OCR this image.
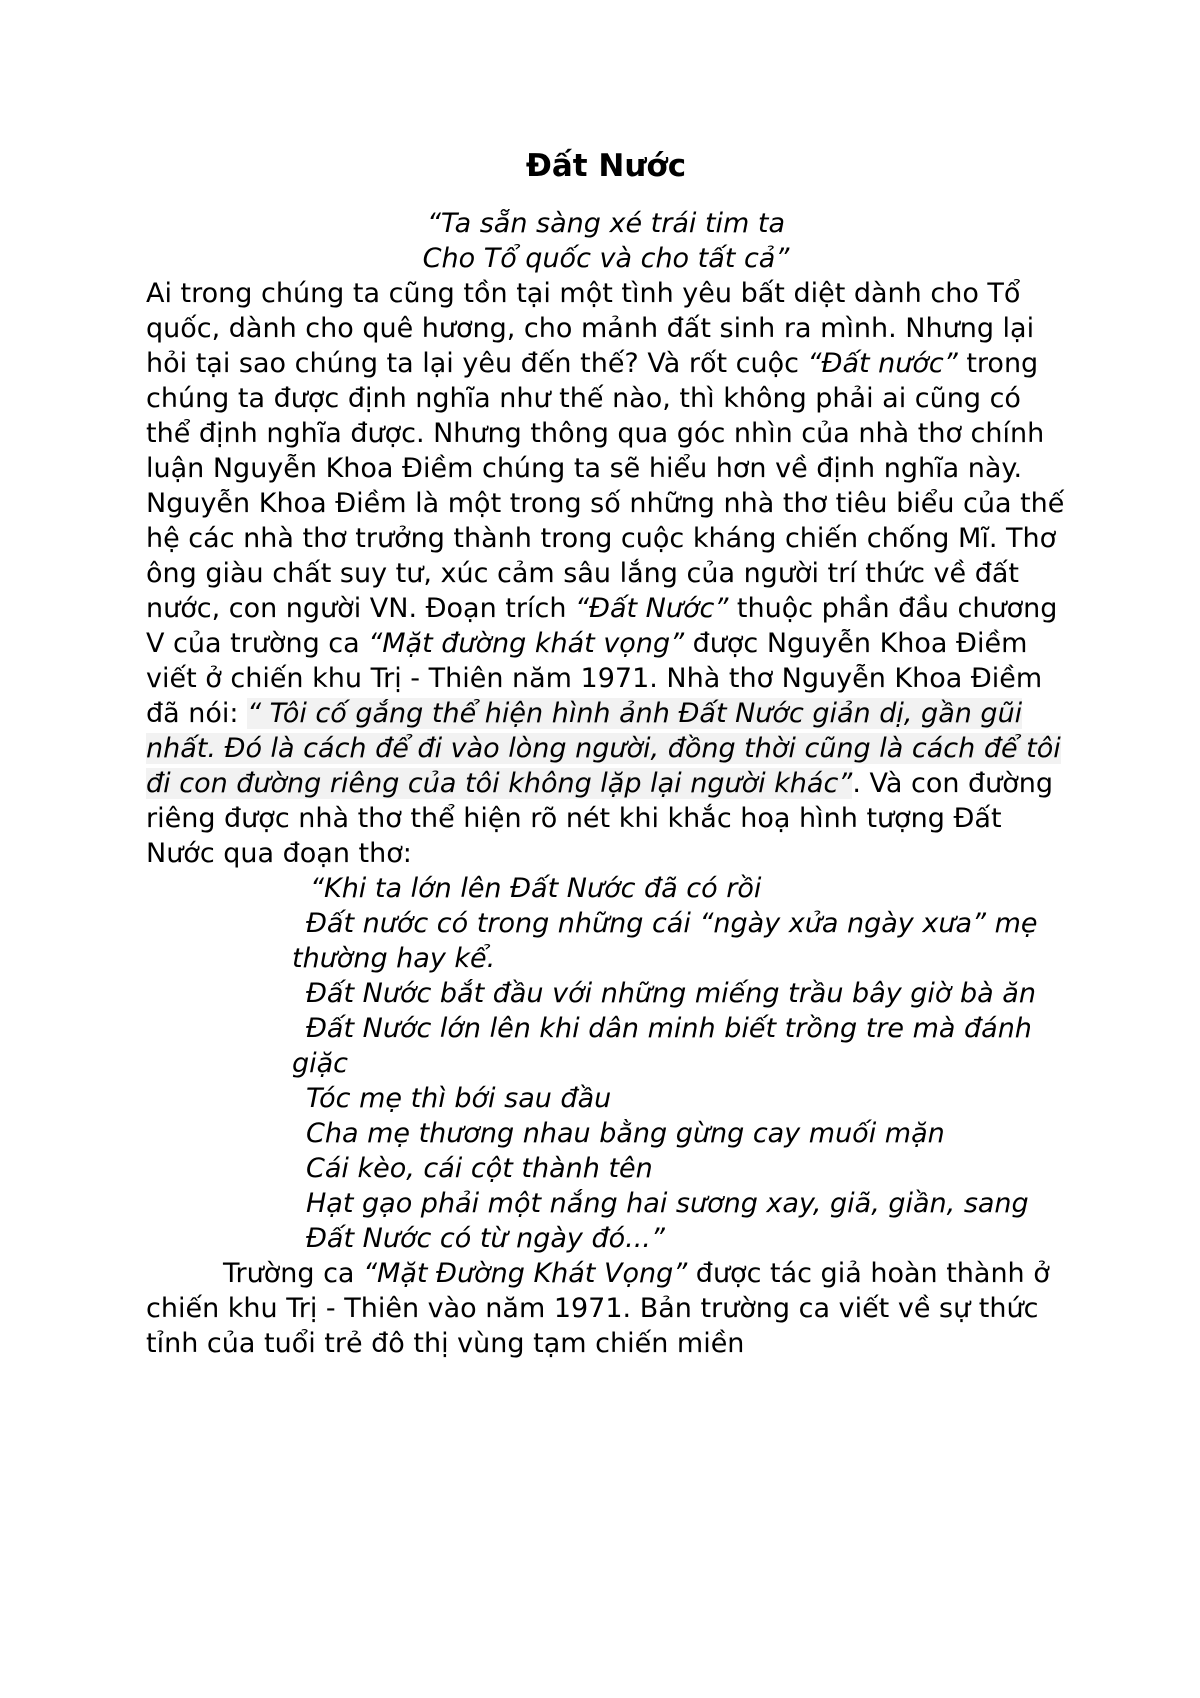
Đất Nước
“Ta sẵn sàng xé trái tim ta
Cho Tổ quốc và cho tất cả”
Ai trong chúng ta cũng tồn tại một tình yêu bất diệt dành cho Tổ quốc, dành cho quê hương, cho mảnh đất sinh ra mình. Nhưng lại hỏi tại sao chúng ta lại yêu đến thế? Và rốt cuộc “Đất nước” trong chúng ta được định nghĩa như thế nào, thì không phải ai cũng có thể định nghĩa được. Nhưng thông qua góc nhìn của nhà thơ chính luận Nguyễn Khoa Điềm chúng ta sẽ hiểu hơn về định nghĩa này. Nguyễn Khoa Điềm là một trong số những nhà thơ tiêu biểu của thế hệ các nhà thơ trưởng thành trong cuộc kháng chiến chống Mĩ. Thơ ông giàu chất suy tư, xúc cảm sâu lắng của người trí thức về đất nước, con người VN. Đoạn trích “Đất Nước” thuộc phần đầu chương V của trường ca “Mặt đường khát vọng” được Nguyễn Khoa Điềm viết ở chiến khu Trị - Thiên năm 1971. Nhà thơ Nguyễn Khoa Điềm đã nói: “ Tôi cố gắng thể hiện hình ảnh Đất Nước giản dị, gần gũi nhất. Đó là cách để đi vào lòng người, đồng thời cũng là cách để tôi đi con đường riêng của tôi không lặp lại người khác”. Và con đường riêng được nhà thơ thể hiện rõ nét khi khắc hoạ hình tượng Đất Nước qua đoạn thơ:
“Khi ta lớn lên Đất Nước đã có rồi
Đất nước có trong những cái “ngày xửa ngày xưa” mẹ thường hay kể.
Đất Nước bắt đầu với những miếng trầu bây giờ bà ăn
Đất Nước lớn lên khi dân minh biết trồng tre mà đánh giặc
Tóc mẹ thì bới sau đầu
Cha mẹ thương nhau bằng gừng cay muối mặn
Cái kèo, cái cột thành tên
Hạt gạo phải một nắng hai sương xay, giã, giần, sang
Đất Nước có từ ngày đó...”
Trường ca “Mặt Đường Khát Vọng” được tác giả hoàn thành ở chiến khu Trị - Thiên vào năm 1971. Bản trường ca viết về sự thức tỉnh của tuổi trẻ đô thị vùng tạm chiến miền
